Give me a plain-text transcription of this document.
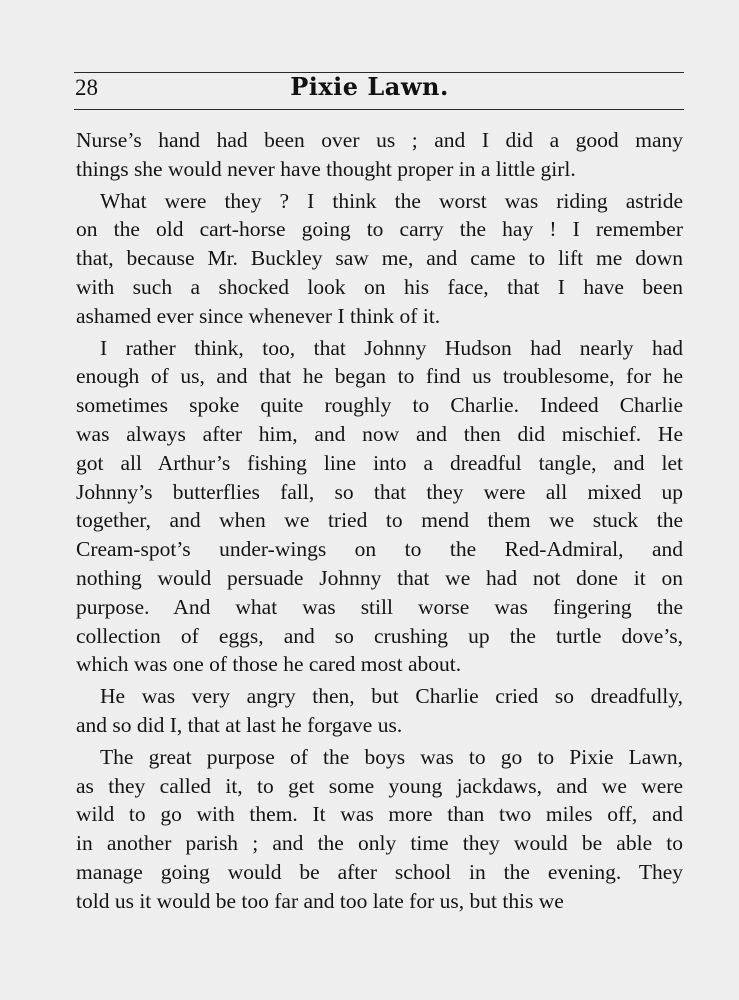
28	Pixie Lawn.
Nurse’s hand had been over us ; and I did a good many
things she would never have thought proper in a little girl.
What were they ? I think the worst was riding astride
on the old cart-horse going to carry the hay ! I remember
that, because Mr. Buckley saw me, and came to lift me down
with such a shocked look on his face, that I have been
ashamed ever since whenever I think of it.
I rather think, too, that Johnny Hudson had nearly had
enough of us, and that he began to find us troublesome, for he
sometimes spoke quite roughly to Charlie. Indeed Charlie
was always after him, and now and then did mischief. He
got all Arthur’s fishing line into a dreadful tangle, and let
Johnny’s butterflies fall, so that they were all mixed up
together, and when we tried to mend them we stuck the
Cream-spot’s under-wings on to the Red-Admiral, and
nothing would persuade Johnny that we had not done it on
purpose. And what was still worse was fingering the
collection of eggs, and so crushing up the turtle dove’s,
which was one of those he cared most about.
He was very angry then, but Charlie cried so dreadfully,
and so did I, that at last he forgave us.
The great purpose of the boys was to go to Pixie Lawn,
as they called it, to get some young jackdaws, and we were
wild to go with them. It was more than two miles off, and
in another parish ; and the only time they would be able to
manage going would be after school in the evening. They
told us it would be too far and too late for us, but this we
